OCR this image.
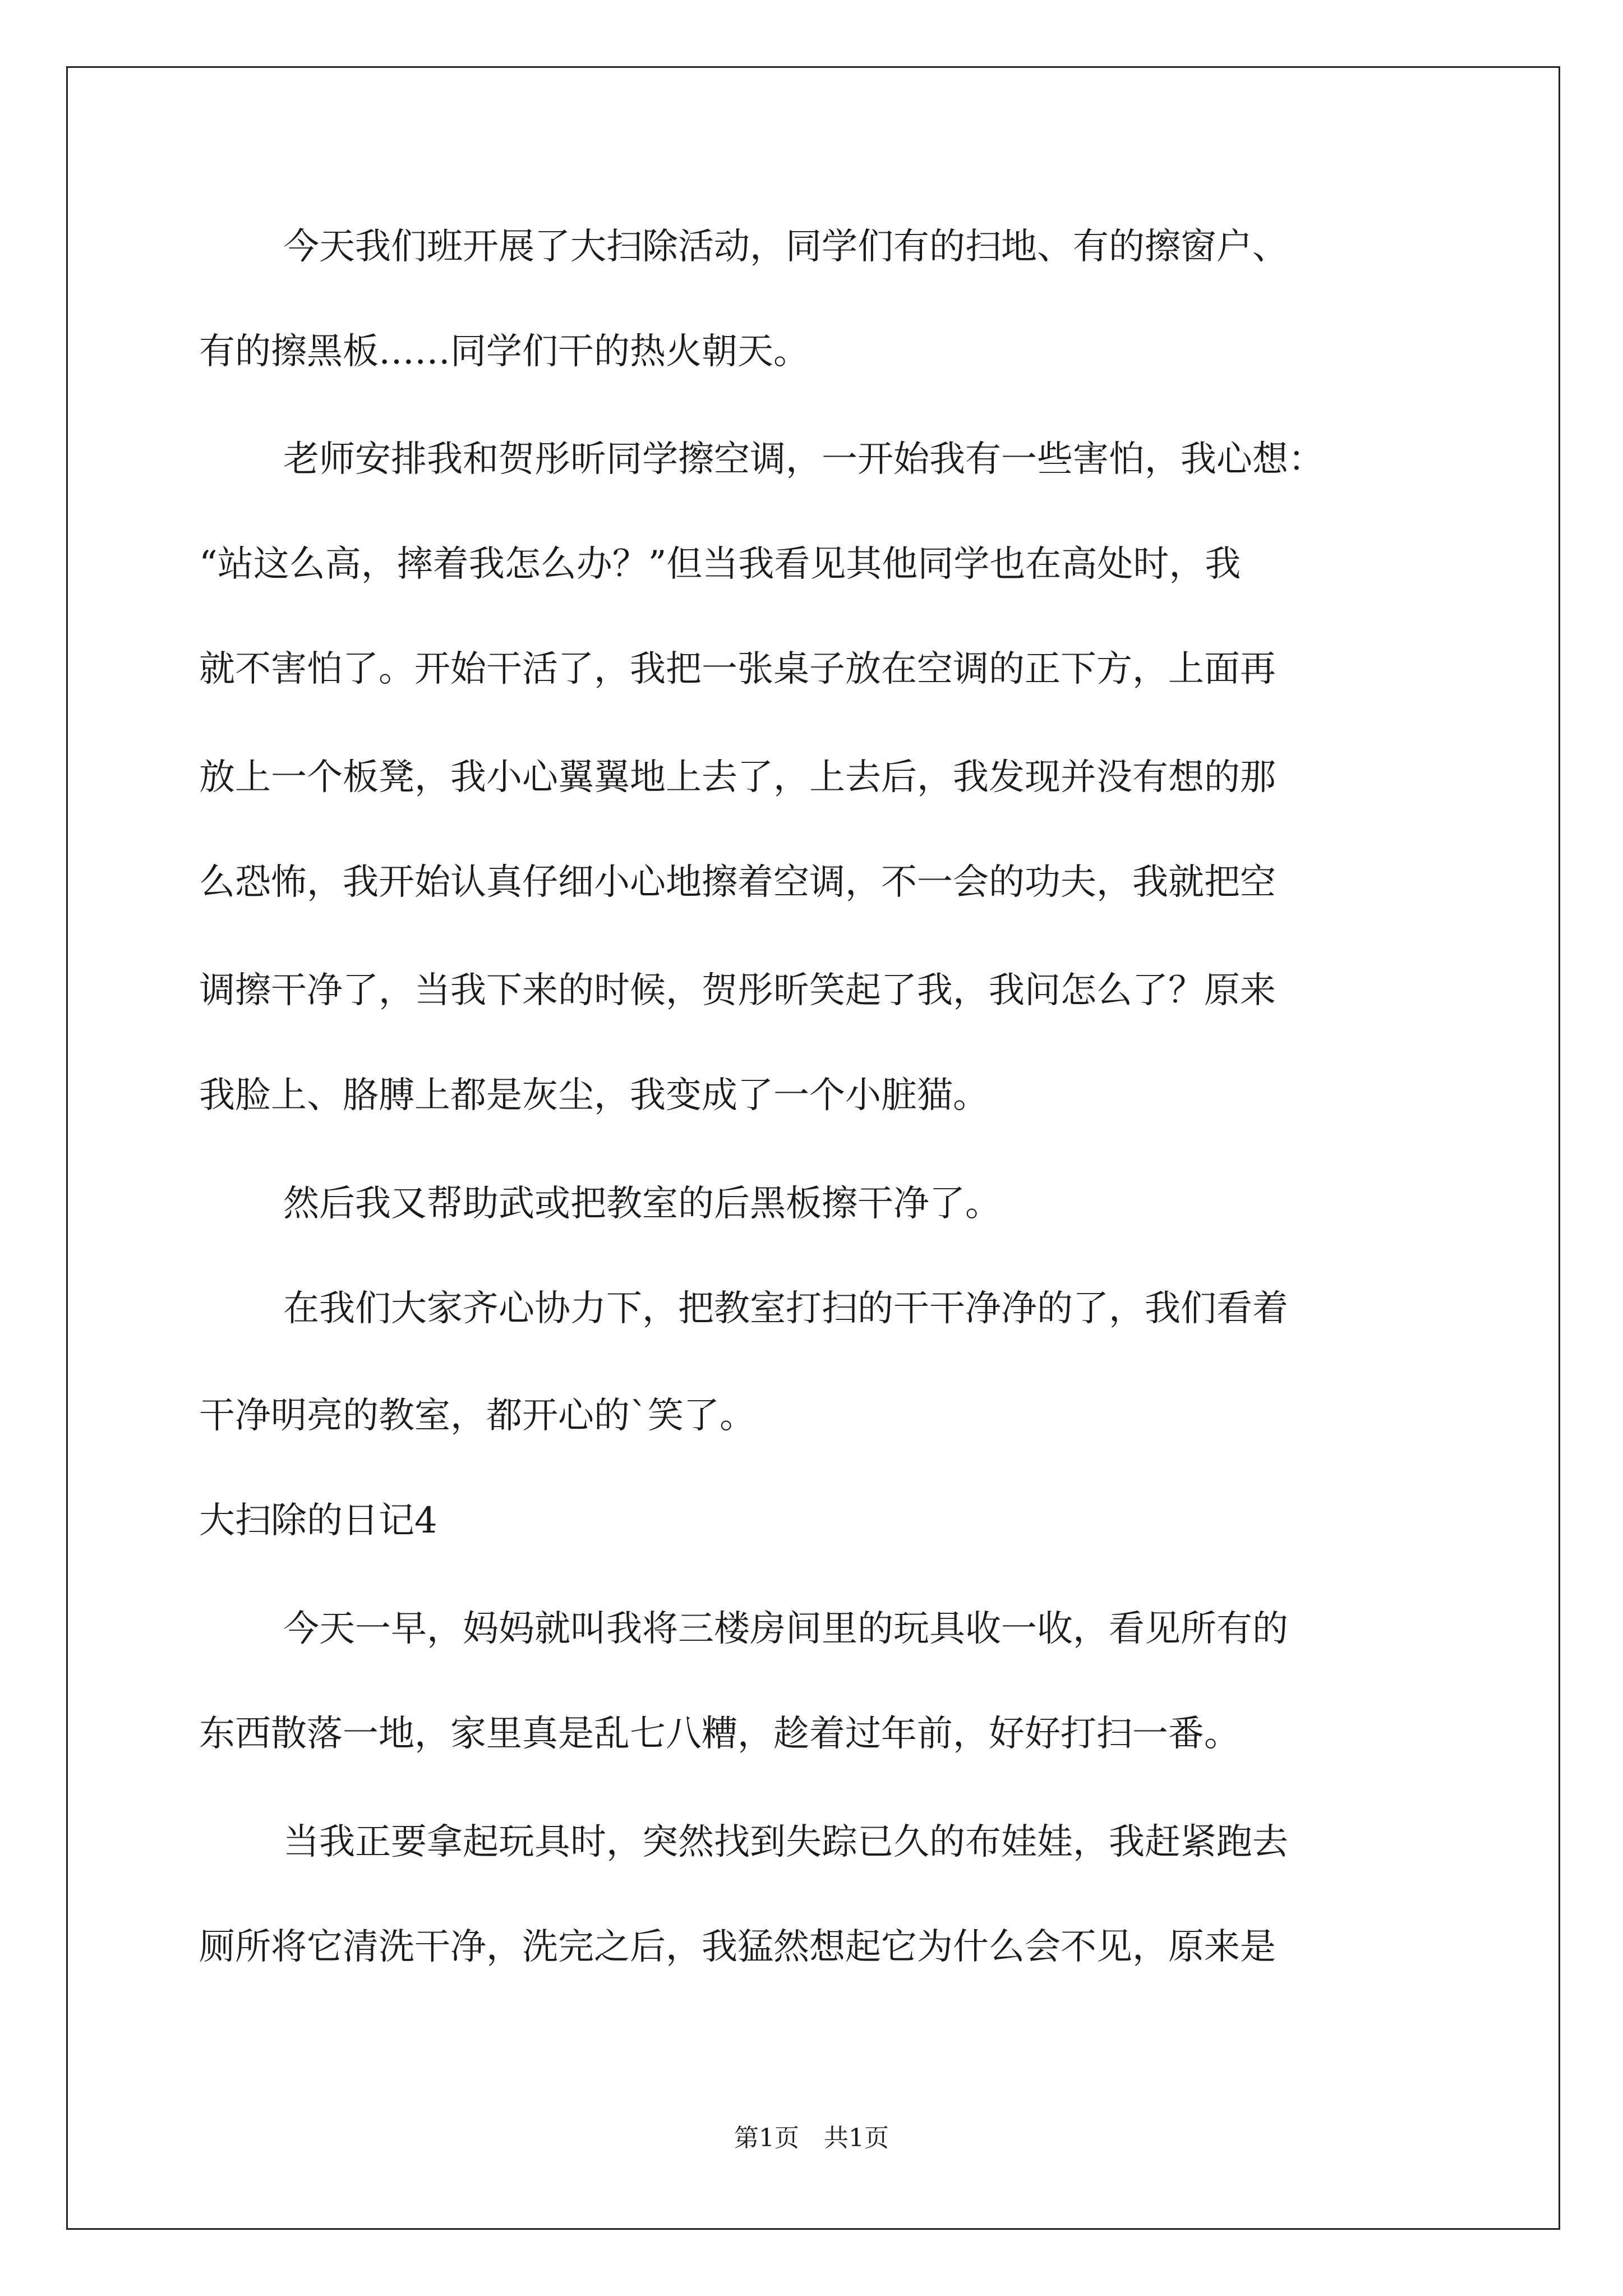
今天我们班开展了大扫除活动，同学们有的扫地、有的擦窗户、
有的擦黑板……同学们干的热火朝天。
老师安排我和贺彤昕同学擦空调，一开始我有一些害怕，我心想：
“站这么高，摔着我怎么办？”但当我看见其他同学也在高处时，我
就不害怕了。开始干活了，我把一张桌子放在空调的正下方，上面再
放上一个板凳，我小心翼翼地上去了，上去后，我发现并没有想的那
么恐怖，我开始认真仔细小心地擦着空调，不一会的功夫，我就把空
调擦干净了，当我下来的时候，贺彤昕笑起了我，我问怎么了？原来
我脸上、胳膊上都是灰尘，我变成了一个小脏猫。
然后我又帮助武或把教室的后黑板擦干净了。
在我们大家齐心协力下，把教室打扫的干干净净的了，我们看着
干净明亮的教室，都开心的`笑了。
大扫除的日记4
今天一早，妈妈就叫我将三楼房间里的玩具收一收，看见所有的
东西散落一地，家里真是乱七八糟，趁着过年前，好好打扫一番。
当我正要拿起玩具时，突然找到失踪已久的布娃娃，我赶紧跑去
厕所将它清洗干净，洗完之后，我猛然想起它为什么会不见，原来是
第1页　共1页
